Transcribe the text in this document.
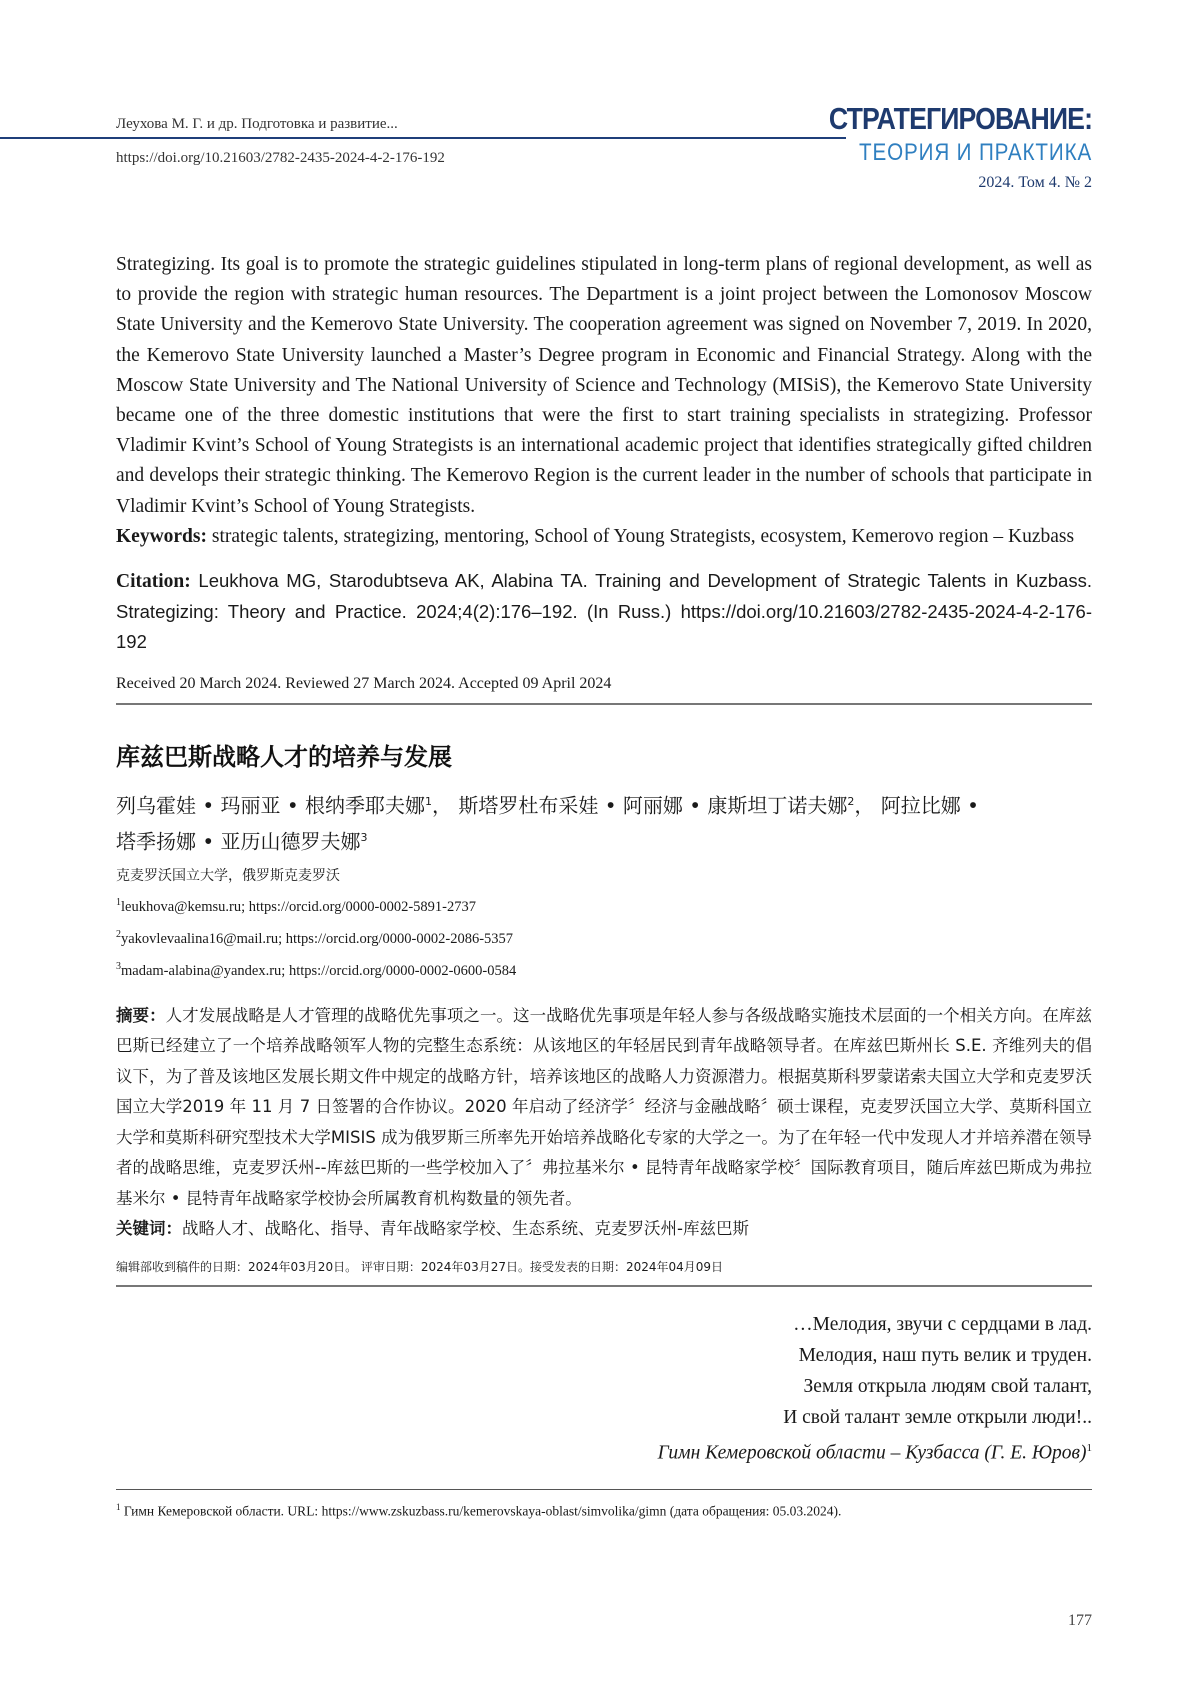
Леухова М. Г. и др. Подготовка и развитие...
https://doi.org/10.21603/2782-2435-2024-4-2-176-192
СТРАТЕГИРОВАНИЕ:
ТЕОРИЯ И ПРАКТИКА
2024. Том 4. № 2

Strategizing. Its goal is to promote the strategic guidelines stipulated in long-term plans of regional development, as well as to provide the region with strategic human resources. The Department is a joint project between the Lomonosov Moscow State University and the Kemerovo State University. The cooperation agreement was signed on November 7, 2019. In 2020, the Kemerovo State University launched a Master’s Degree program in Economic and Financial Strategy. Along with the Moscow State University and The National University of Science and Technology (MISiS), the Kemerovo State University became one of the three domestic institutions that were the first to start training specialists in strategizing. Professor Vladimir Kvint’s School of Young Strategists is an international academic project that identifies strategically gifted children and develops their strategic thinking. The Kemerovo Region is the current leader in the number of schools that participate in Vladimir Kvint’s School of Young Strategists.

Keywords: strategic talents, strategizing, mentoring, School of Young Strategists, ecosystem, Kemerovo region – Kuzbass

Citation: Leukhova MG, Starodubtseva AK, Alabina TA. Training and Development of Strategic Talents in Kuzbass. Strategizing: Theory and Practice. 2024;4(2):176–192. (In Russ.) https://doi.org/10.21603/2782-2435-2024-4-2-176-192

Received 20 March 2024. Reviewed 27 March 2024. Accepted 09 April 2024
库兹巴斯战略人才的培养与发展
列乌霍娃 • 玛丽亚 • 根纳季耶夫娜$^1$， 斯塔罗杜布采娃 • 阿丽娜 • 康斯坦丁诺夫娜$^2$， 阿拉比娜 •
塔季扬娜 • 亚历山德罗夫娜$^3$
克麦罗沃国立大学，俄罗斯克麦罗沃
$^1$leukhova@kemsu.ru; https://orcid.org/0000-0002-5891-2737
$^2$yakovlevaalina16@mail.ru; https://orcid.org/0000-0002-2086-5357
$^3$madam-alabina@yandex.ru; https://orcid.org/0000-0002-0600-0584
摘要：人才发展战略是人才管理的战略优先事项之一。这一战略优先事项是年轻人参与各级战略实施技术层面的一个相关方向。在库兹巴斯已经建立了一个培养战略领军人物的完整生态系统：从该地区的年轻居民到青年战略领导者。在库兹巴斯州长 S.E. 齐维列夫的倡议下，为了普及该地区发展长期文件中规定的战略方针，培养该地区的战略人力资源潜力。根据莫斯科罗蒙诺索夫国立大学和克麦罗沃国立大学2019 年 11 月 7 日签署的合作协议。2020 年启动了经济学〞经济与金融战略〞硕士课程，克麦罗沃国立大学、莫斯科国立大学和莫斯科研究型技术大学MISIS 成为俄罗斯三所率先开始培养战略化专家的大学之一。为了在年轻一代中发现人才并培养潜在领导者的战略思维，克麦罗沃州--库兹巴斯的一些学校加入了〞弗拉基米尔 • 昆特青年战略家学校〞国际教育项目，随后库兹巴斯成为弗拉基米尔 • 昆特青年战略家学校协会所属教育机构数量的领先者。
关键词：战略人才、战略化、指导、青年战略家学校、生态系统、克麦罗沃州-库兹巴斯
编辑部收到稿件的日期：2024年03月20日。 评审日期：2024年03月27日。接受发表的日期：2024年04月09日
…Мелодия, звучи с сердцами в лад.
Мелодия, наш путь велик и труден.
Земля открыла людям свой талант,
И свой талант земле открыли люди!..
Гимн Кемеровской области – Кузбасса (Г. Е. Юров)$^1$
$^1$ Гимн Кемеровской области. URL: https://www.zskuzbass.ru/kemerovskaya-oblast/simvolika/gimn (дата обращения: 05.03.2024).
177
